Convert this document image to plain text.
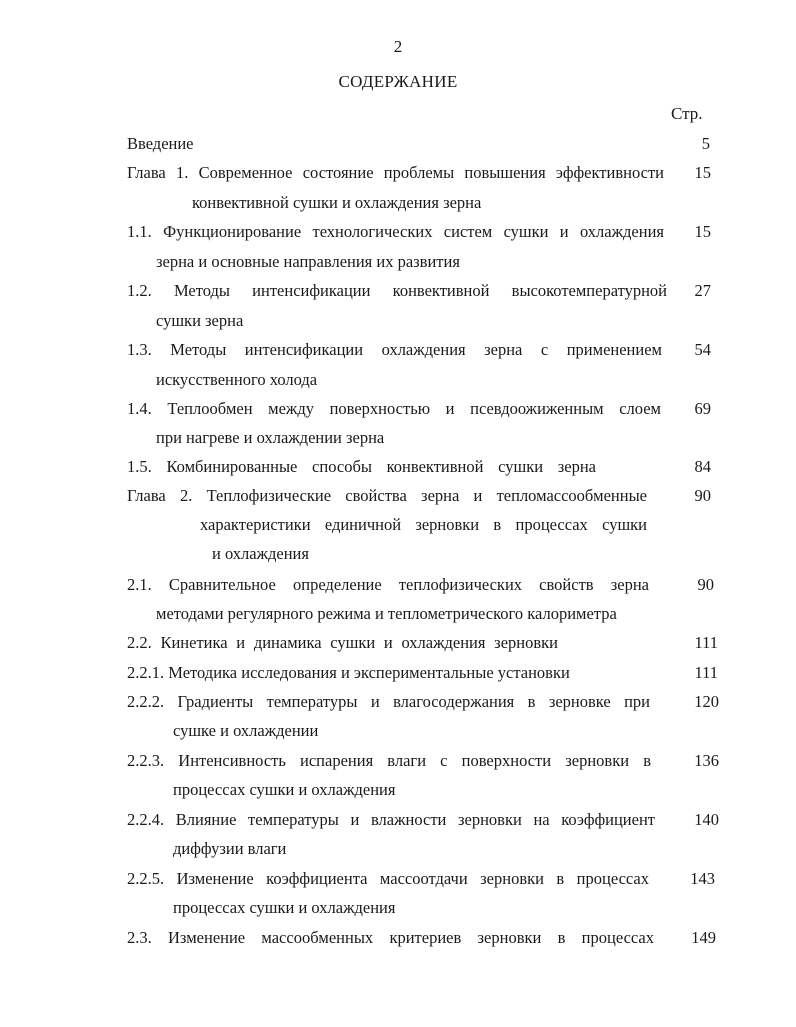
2
СОДЕРЖАНИЕ
Стр.
Введение	5
Глава 1. Современное состояние проблемы повышения эффективности
конвективной сушки и охлаждения зерна
15
1.1. Функционирование технологических систем сушки и охлаждения
зерна и основные направления их развития
15
1.2. Методы интенсификации конвективной высокотемпературной
сушки зерна
27
1.3. Методы интенсификации охлаждения зерна с применением
искусственного холода
54
1.4. Теплообмен между поверхностью и псевдоожиженным слоем
при нагреве и охлаждении зерна
69
1.5. Комбинированные способы конвективной сушки зерна	84
Глава 2. Теплофизические свойства зерна и тепломассообменные
характеристики единичной зерновки в процессах сушки
и охлаждения
90
2.1. Сравнительное определение теплофизических свойств зерна
методами регулярного режима и теплометрического калориметра
90
2.2. Кинетика и динамика сушки и охлаждения зерновки	111
2.2.1. Методика исследования и экспериментальные установки	111
2.2.2. Градиенты температуры и влагосодержания в зерновке при
сушке и охлаждении
120
2.2.3. Интенсивность испарения влаги с поверхности зерновки в
процессах сушки и охлаждения
136
2.2.4. Влияние температуры и влажности зерновки на коэффициент
диффузии влаги
140
2.2.5. Изменение коэффициента массоотдачи зерновки в процессах
процессах сушки и охлаждения
143
2.3. Изменение массообменных критериев зерновки в процессах	149
